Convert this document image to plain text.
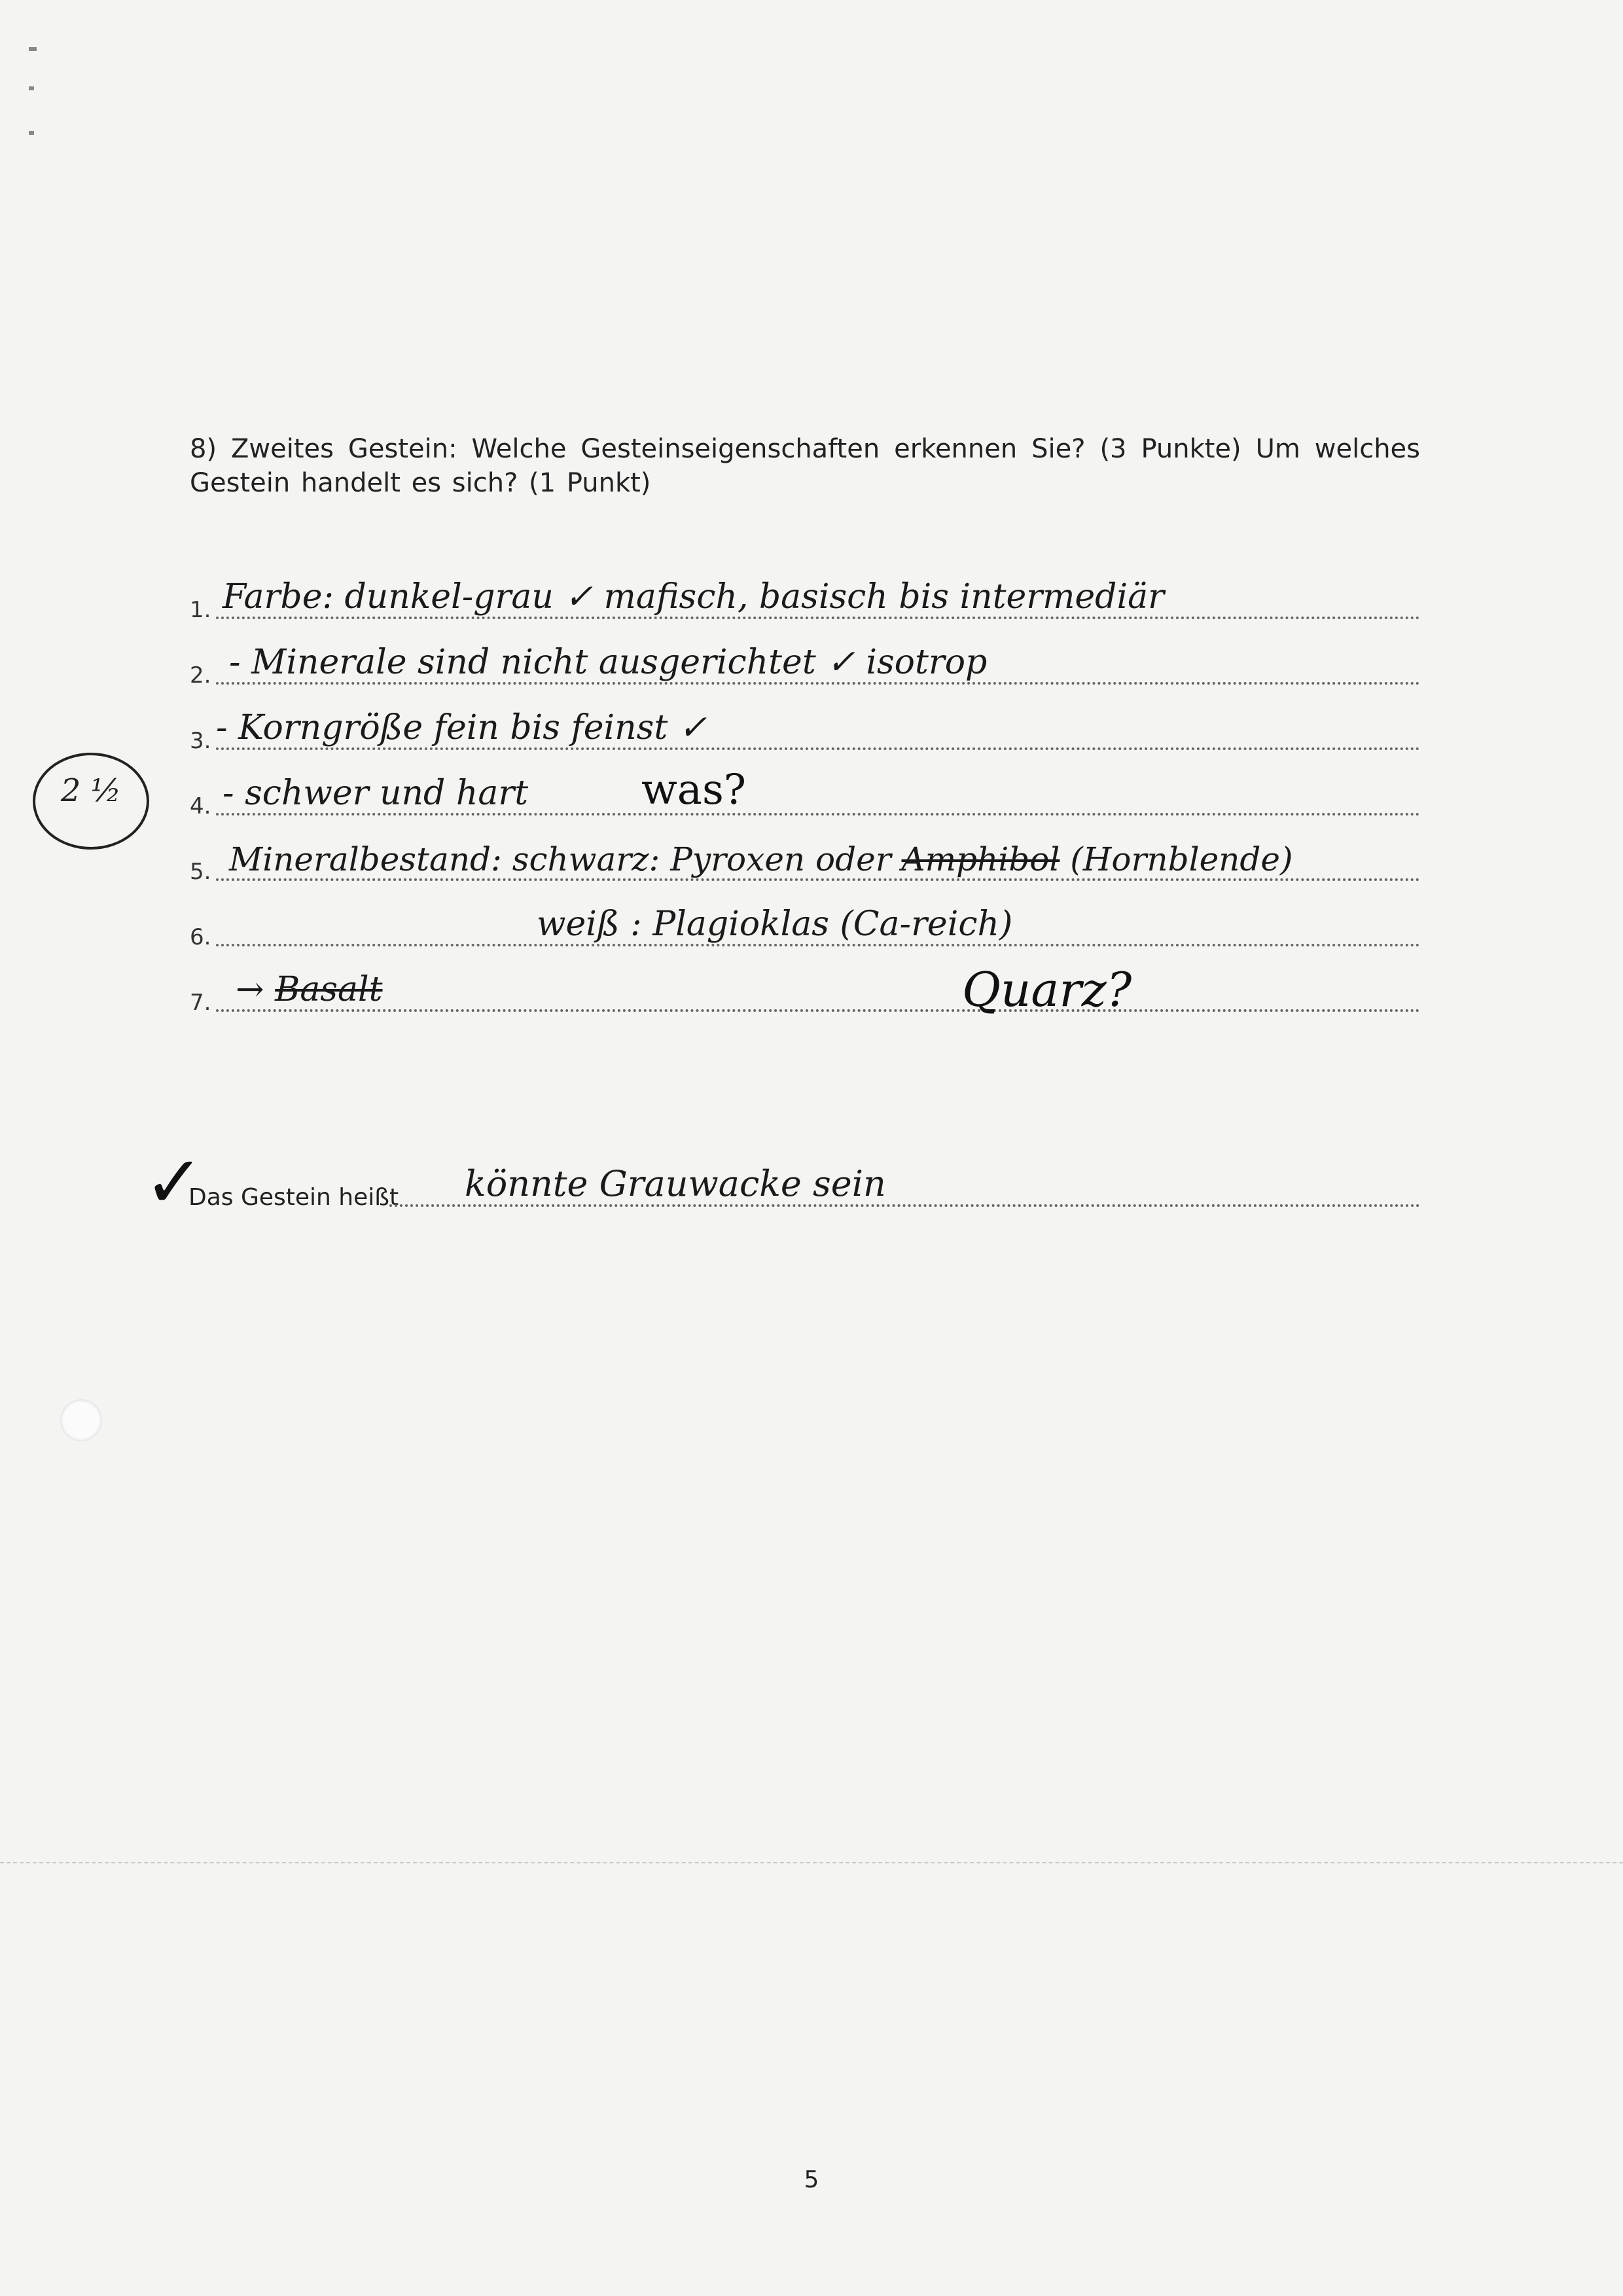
8) Zweites Gestein: Welche Gesteinseigenschaften erkennen Sie? (3 Punkte) Um welches Gestein handelt es sich? (1 Punkt)
1. Farbe: dunkel-grau ✓ mafisch, basisch bis intermediär
2. - Minerale sind nicht ausgerichtet ✓ isotrop
3. - Korngröße fein bis feinst ✓
4. - schwer und hart	was?
5. Mineralbestand: schwarz: Pyroxen oder Amphibol (Hornblende)
6.	weiß : Plagioklas (Ca-reich)
7. → Basalt	Quarz?
✓
Das Gestein heißt könnte Grauwacke sein
2 ½
5
